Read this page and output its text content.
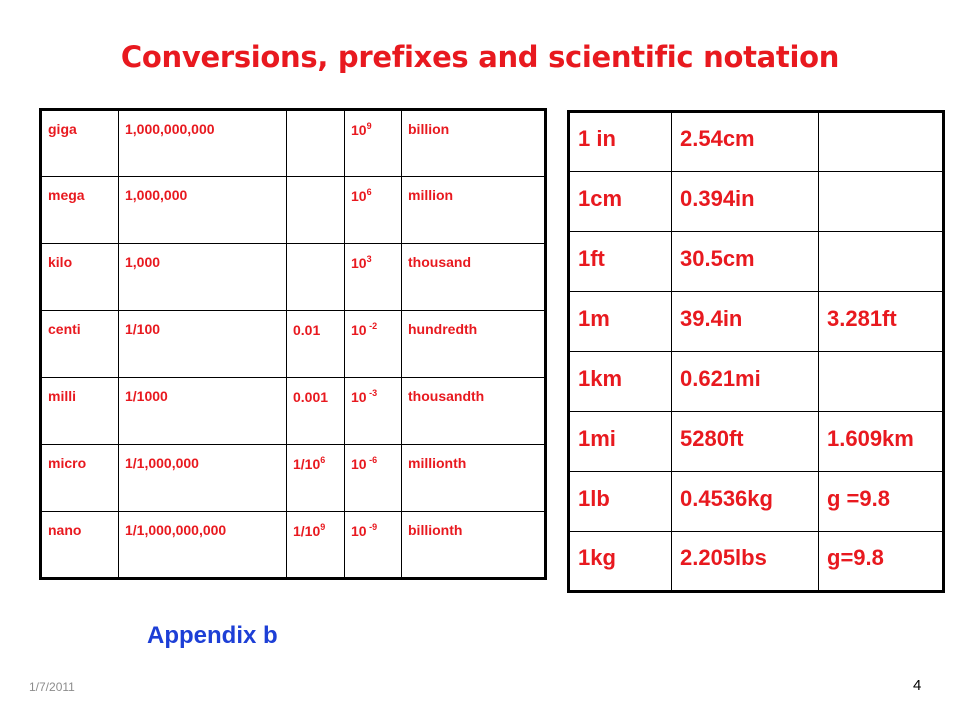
Conversions, prefixes and scientific notation
giga	1,000,000,000		$10^9$	billion
mega	1,000,000		$10^6$	million
kilo	1,000		$10^3$	thousand
centi	1/100	0.01	10 $^{-2}$	hundredth
milli	1/1000	0.001	10 $^{-3}$	thousandth
micro	1/1,000,000	$1/10^6$	10 $^{-6}$	millionth
nano	1/1,000,000,000	$1/10^9$	10 $^{-9}$	billionth
1 in	2.54cm	
1cm	0.394in	
1ft	30.5cm	
1m	39.4in	3.281ft
1km	0.621mi	
1mi	5280ft	1.609km
1lb	0.4536kg	g =9.8
1kg	2.205lbs	g=9.8
Appendix b
1/7/2011	4
